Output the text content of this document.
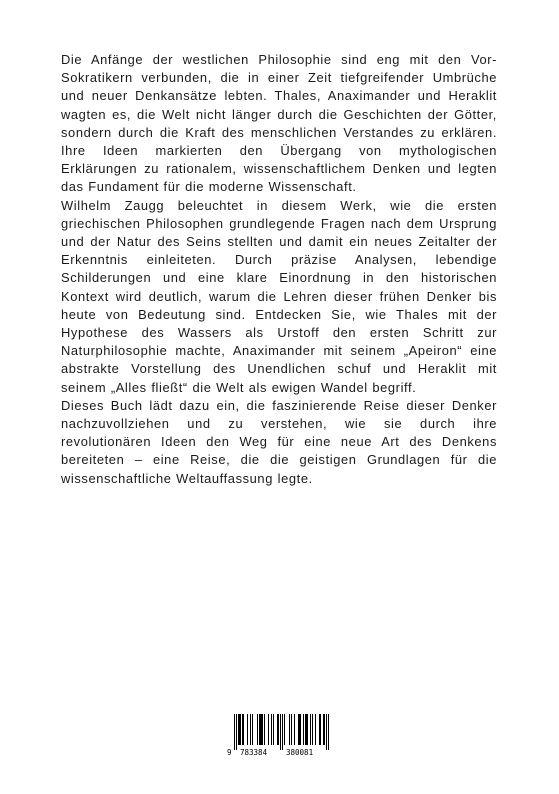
Die Anfänge der westlichen Philosophie sind eng mit den Vor-Sokratikern verbunden, die in einer Zeit tiefgreifender Umbrüche und neuer Denkansätze lebten. Thales, Anaximander und Heraklit wagten es, die Welt nicht länger durch die Geschichten der Götter, sondern durch die Kraft des menschlichen Verstandes zu erklären. Ihre Ideen markierten den Übergang von mythologischen Erklärungen zu rationalem, wissenschaftlichem Denken und legten das Fundament für die moderne Wissenschaft.

Wilhelm Zaugg beleuchtet in diesem Werk, wie die ersten griechischen Philosophen grundlegende Fragen nach dem Ursprung und der Natur des Seins stellten und damit ein neues Zeitalter der Erkenntnis einleiteten. Durch präzise Analysen, lebendige Schilderungen und eine klare Einordnung in den historischen Kontext wird deutlich, warum die Lehren dieser frühen Denker bis heute von Bedeutung sind. Entdecken Sie, wie Thales mit der Hypothese des Wassers als Urstoff den ersten Schritt zur Naturphilosophie machte, Anaximander mit seinem „Apeiron“ eine abstrakte Vorstellung des Unendlichen schuf und Heraklit mit seinem „Alles fließt“ die Welt als ewigen Wandel begriff.

Dieses Buch lädt dazu ein, die faszinierende Reise dieser Denker nachzuvollziehen und zu verstehen, wie sie durch ihre revolutionären Ideen den Weg für eine neue Art des Denkens bereiteten – eine Reise, die die geistigen Grundlagen für die wissenschaftliche Weltauffassung legte.

9 783384	380081
